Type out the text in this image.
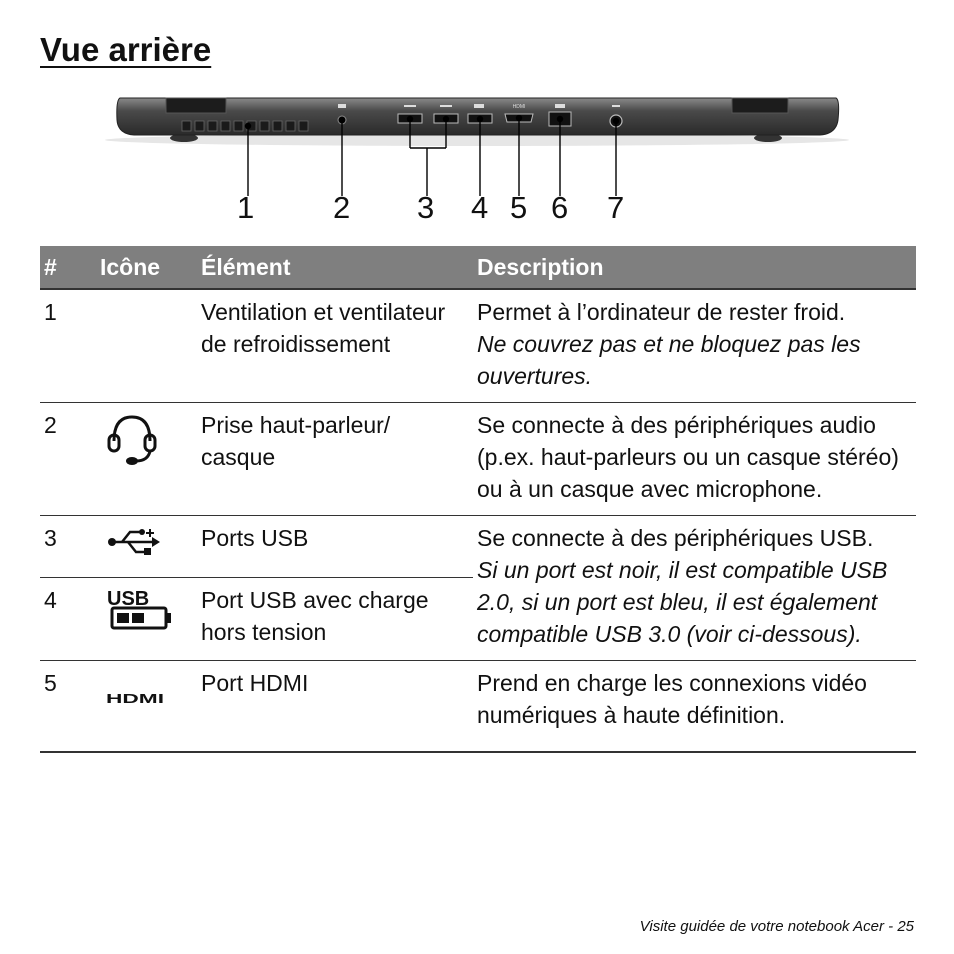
Vue arrière
HDMI
1	2 3 4 5 6 7
#	Icône	Élément	Description
1		Ventilation et ventilateur de refroidissement	Permet à l’ordinateur de rester froid.
Ne couvrez pas et ne bloquez pas les ouvertures.

2		Prise haut-parleur/ casque	Se connecte à des périphériques audio (p.ex. haut-parleurs ou un casque stéréo) ou à un casque avec microphone.
3		Ports USB	Se connecte à des périphériques USB.
Si un port est noir, il est compatible USB 2.0, si un port est bleu, il est également compatible USB 3.0 (voir ci-dessous).

4	USB	Port USB avec charge hors tension	
5	HDMI	Port HDMI	Prend en charge les connexions vidéo numériques à haute définition.
Visite guidée de votre notebook Acer - 25
